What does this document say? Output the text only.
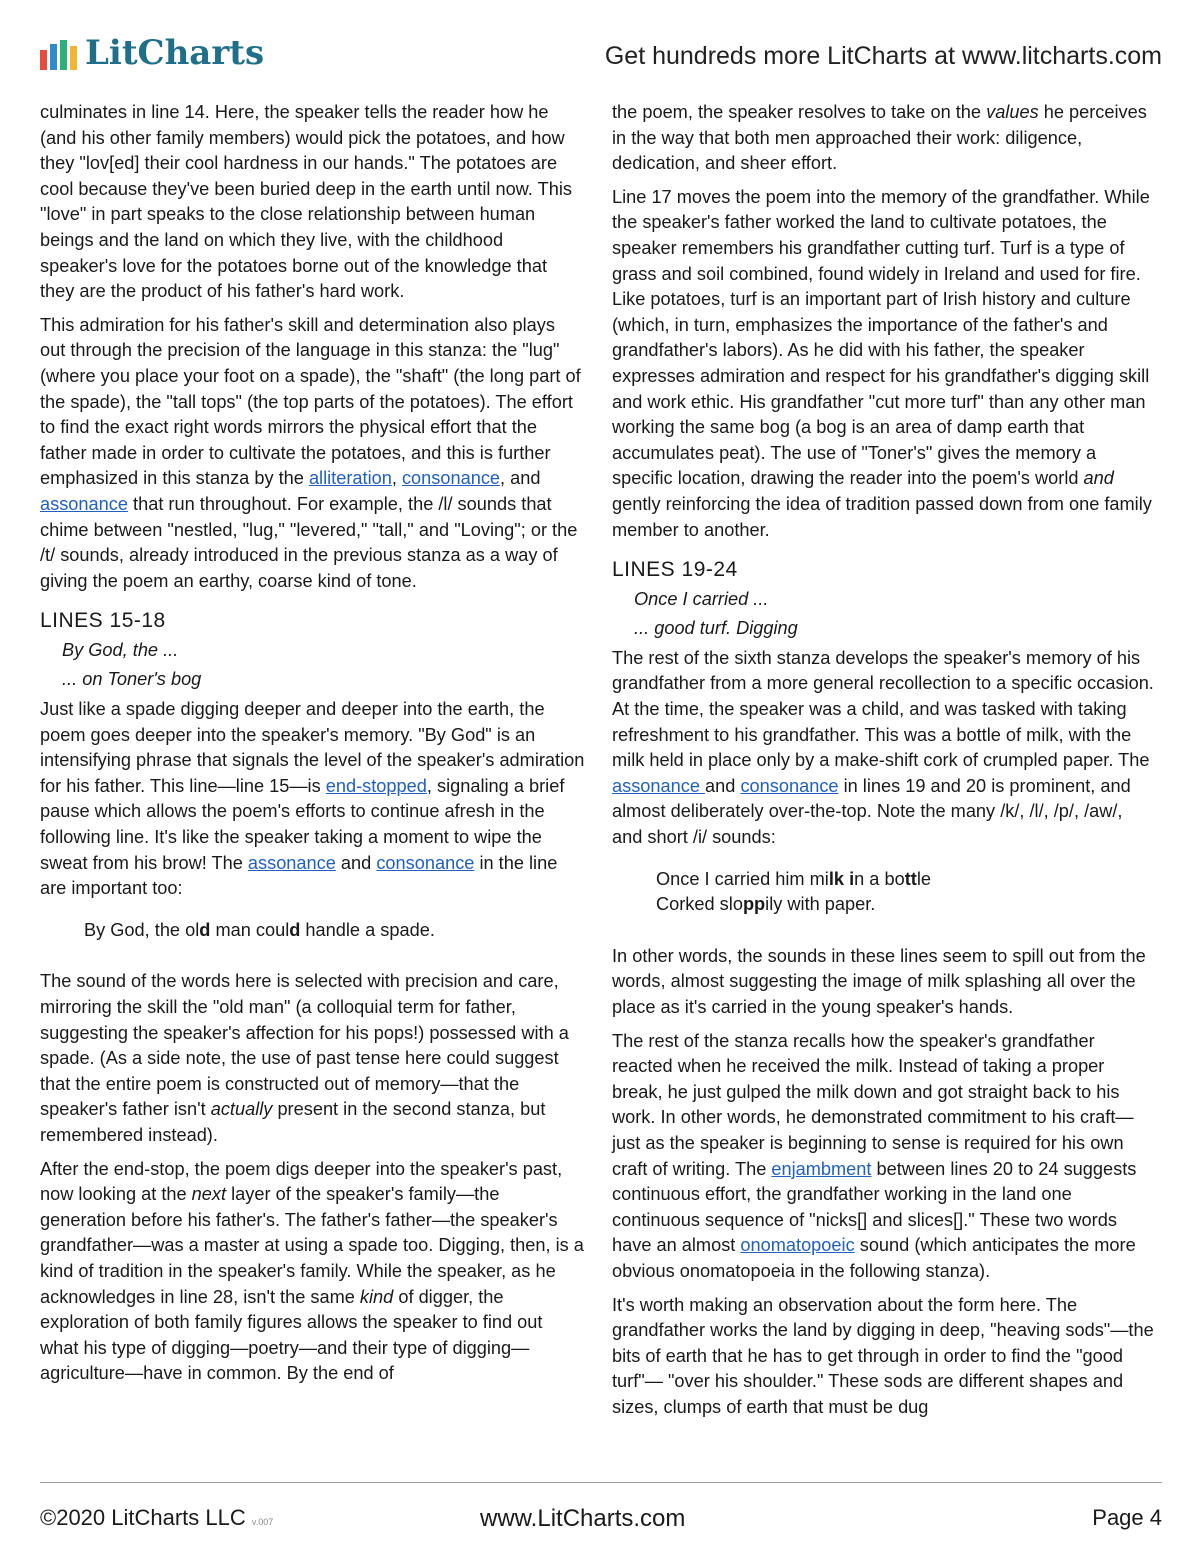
LitCharts	Get hundreds more LitCharts at www.litcharts.com

culminates in line 14. Here, the speaker tells the reader how he (and his other family members) would pick the potatoes, and how they "lov[ed] their cool hardness in our hands." The potatoes are cool because they've been buried deep in the earth until now. This "love" in part speaks to the close relationship between human beings and the land on which they live, with the childhood speaker's love for the potatoes borne out of the knowledge that they are the product of his father's hard work.

This admiration for his father's skill and determination also plays out through the precision of the language in this stanza: the "lug" (where you place your foot on a spade), the "shaft" (the long part of the spade), the "tall tops" (the top parts of the potatoes). The effort to find the exact right words mirrors the physical effort that the father made in order to cultivate the potatoes, and this is further emphasized in this stanza by the alliteration, consonance, and assonance that run throughout. For example, the /l/ sounds that chime between "nestled, "lug," "levered," "tall," and "Loving"; or the /t/ sounds, already introduced in the previous stanza as a way of giving the poem an earthy, coarse kind of tone.

LINES 15-18
By God, the ...
... on Toner's bog

Just like a spade digging deeper and deeper into the earth, the poem goes deeper into the speaker's memory. "By God" is an intensifying phrase that signals the level of the speaker's admiration for his father. This line—line 15—is end-stopped, signaling a brief pause which allows the poem's efforts to continue afresh in the following line. It's like the speaker taking a moment to wipe the sweat from his brow! The assonance and consonance in the line are important too:

By God, the old man could handle a spade.

The sound of the words here is selected with precision and care, mirroring the skill the "old man" (a colloquial term for father, suggesting the speaker's affection for his pops!) possessed with a spade. (As a side note, the use of past tense here could suggest that the entire poem is constructed out of memory—that the speaker's father isn't actually present in the second stanza, but remembered instead).

After the end-stop, the poem digs deeper into the speaker's past, now looking at the next layer of the speaker's family—the generation before his father's. The father's father—the speaker's grandfather—was a master at using a spade too. Digging, then, is a kind of tradition in the speaker's family. While the speaker, as he acknowledges in line 28, isn't the same kind of digger, the exploration of both family figures allows the speaker to find out what his type of digging—poetry—and their type of digging—agriculture—have in common. By the end of

the poem, the speaker resolves to take on the values he perceives in the way that both men approached their work: diligence, dedication, and sheer effort.

Line 17 moves the poem into the memory of the grandfather. While the speaker's father worked the land to cultivate potatoes, the speaker remembers his grandfather cutting turf. Turf is a type of grass and soil combined, found widely in Ireland and used for fire. Like potatoes, turf is an important part of Irish history and culture (which, in turn, emphasizes the importance of the father's and grandfather's labors). As he did with his father, the speaker expresses admiration and respect for his grandfather's digging skill and work ethic. His grandfather "cut more turf" than any other man working the same bog (a bog is an area of damp earth that accumulates peat). The use of "Toner's" gives the memory a specific location, drawing the reader into the poem's world and gently reinforcing the idea of tradition passed down from one family member to another.

LINES 19-24
Once I carried ...
... good turf. Digging

The rest of the sixth stanza develops the speaker's memory of his grandfather from a more general recollection to a specific occasion. At the time, the speaker was a child, and was tasked with taking refreshment to his grandfather. This was a bottle of milk, with the milk held in place only by a make-shift cork of crumpled paper. The assonance and consonance in lines 19 and 20 is prominent, and almost deliberately over-the-top. Note the many /k/, /l/, /p/, /aw/, and short /i/ sounds:

Once I carried him milk in a bottle
Corked sloppily with paper.

In other words, the sounds in these lines seem to spill out from the words, almost suggesting the image of milk splashing all over the place as it's carried in the young speaker's hands.

The rest of the stanza recalls how the speaker's grandfather reacted when he received the milk. Instead of taking a proper break, he just gulped the milk down and got straight back to his work. In other words, he demonstrated commitment to his craft—just as the speaker is beginning to sense is required for his own craft of writing. The enjambment between lines 20 to 24 suggests continuous effort, the grandfather working in the land one continuous sequence of "nicks[] and slices[]." These two words have an almost onomatopoeic sound (which anticipates the more obvious onomatopoeia in the following stanza).

It's worth making an observation about the form here. The grandfather works the land by digging in deep, "heaving sods"—the bits of earth that he has to get through in order to find the "good turf"— "over his shoulder." These sods are different shapes and sizes, clumps of earth that must be dug

©2020 LitCharts LLC v.007	www.LitCharts.com	Page 4
